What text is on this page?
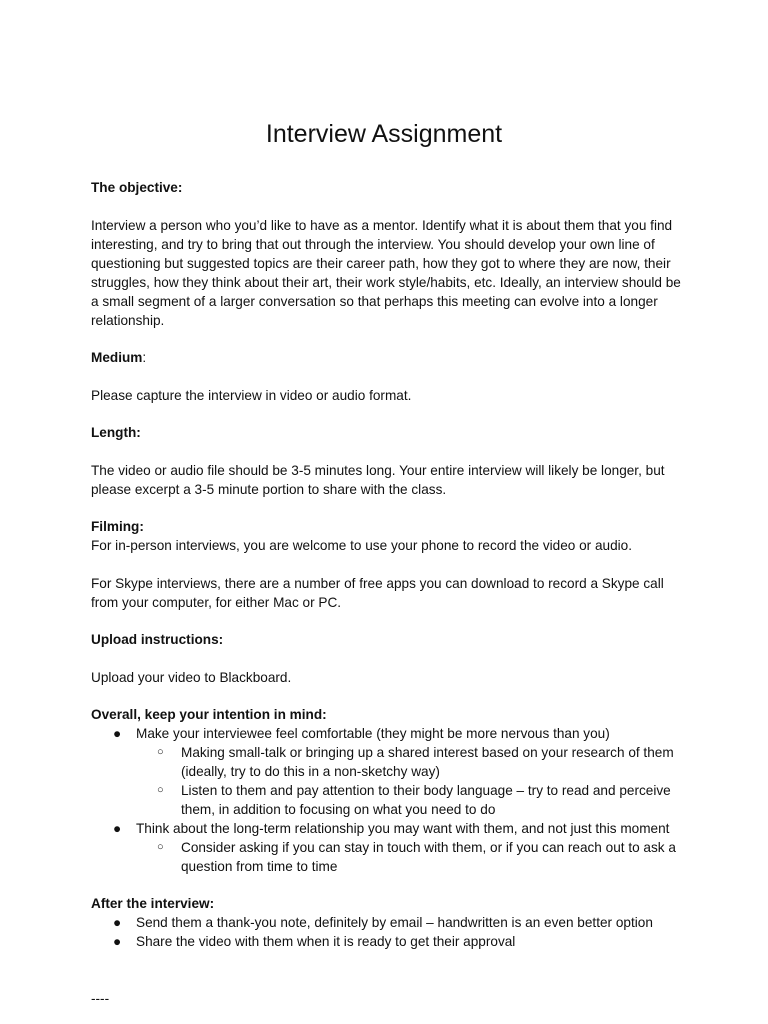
Interview Assignment

The objective:

Interview a person who you’d like to have as a mentor. Identify what it is about them that you find interesting, and try to bring that out through the interview. You should develop your own line of questioning but suggested topics are their career path, how they got to where they are now, their struggles, how they think about their art, their work style/habits, etc. Ideally, an interview should be a small segment of a larger conversation so that perhaps this meeting can evolve into a longer relationship.

Medium:

Please capture the interview in video or audio format.

Length:

The video or audio file should be 3-5 minutes long. Your entire interview will likely be longer, but please excerpt a 3-5 minute portion to share with the class.

Filming:

For in-person interviews, you are welcome to use your phone to record the video or audio.

For Skype interviews, there are a number of free apps you can download to record a Skype call from your computer, for either Mac or PC.

Upload instructions:

Upload your video to Blackboard.

Overall, keep your intention in mind:

● Make your interviewee feel comfortable (they might be more nervous than you)
○ Making small-talk or bringing up a shared interest based on your research of them (ideally, try to do this in a non-sketchy way)
○ Listen to them and pay attention to their body language – try to read and perceive them, in addition to focusing on what you need to do
● Think about the long-term relationship you may want with them, and not just this moment
○ Consider asking if you can stay in touch with them, or if you can reach out to ask a question from time to time

After the interview:

● Send them a thank-you note, definitely by email – handwritten is an even better option
● Share the video with them when it is ready to get their approval

----
